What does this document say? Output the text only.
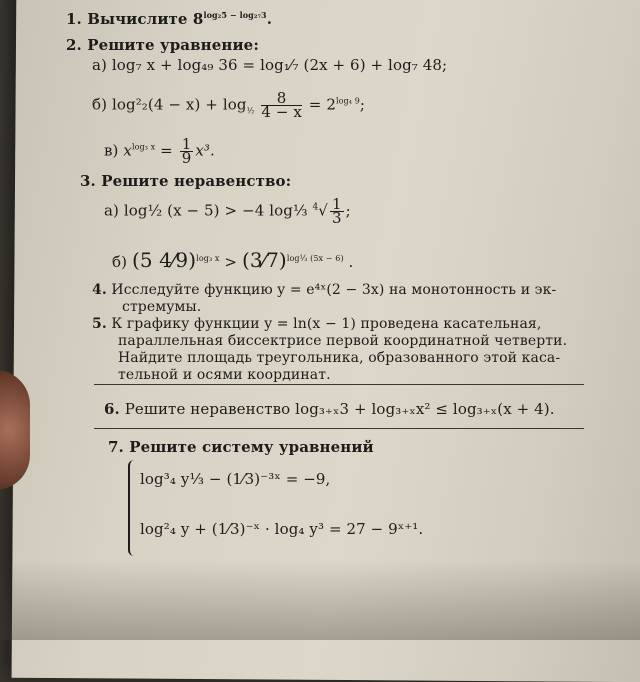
1. Вычислите $8^{log_25 - log_{27}3}$.
2. Решите уравнение:
а) log₇ x + log₄₉ 36 = log₁⁄₇ (2x + 6) + log₇ 48;
б) $\log^2_2(4 - x) + \log_{\frac{1}{2}} \frac{8}{4 - x} = 2^{log_4 9}$;
в) $x^{log_3 x} = \frac{1}{9} x^3$.
3. Решите неравенство:
а) log½ (x − 5) > −4 log⅓ $^4√ \frac{1}{3}$ ;
б) (5 4⁄9)$^{log_3 x}$ > (3⁄7)$^{log\frac{1}{3} (5x - 6)}$ .
4. Исследуйте функцию y = e⁴ˣ(2 − 3x) на монотонность и эк-
стремумы.
5. К графику функции y = ln(x − 1) проведена касательная,
параллельная биссектрисе первой координатной четверти.
Найдите площадь треугольника, образованного этой каса-
тельной и осями координат.
6. Решите неравенство log₃₊ₓ3 + log₃₊ₓx² ≤ log₃₊ₓ(x + 4).
7. Решите систему уравнений
log³₄ y⅓ − (1⁄3)⁻³ˣ = −9,
log²₄ y + (1⁄3)⁻ˣ · log₄ y³ = 27 − 9ˣ⁺¹.
